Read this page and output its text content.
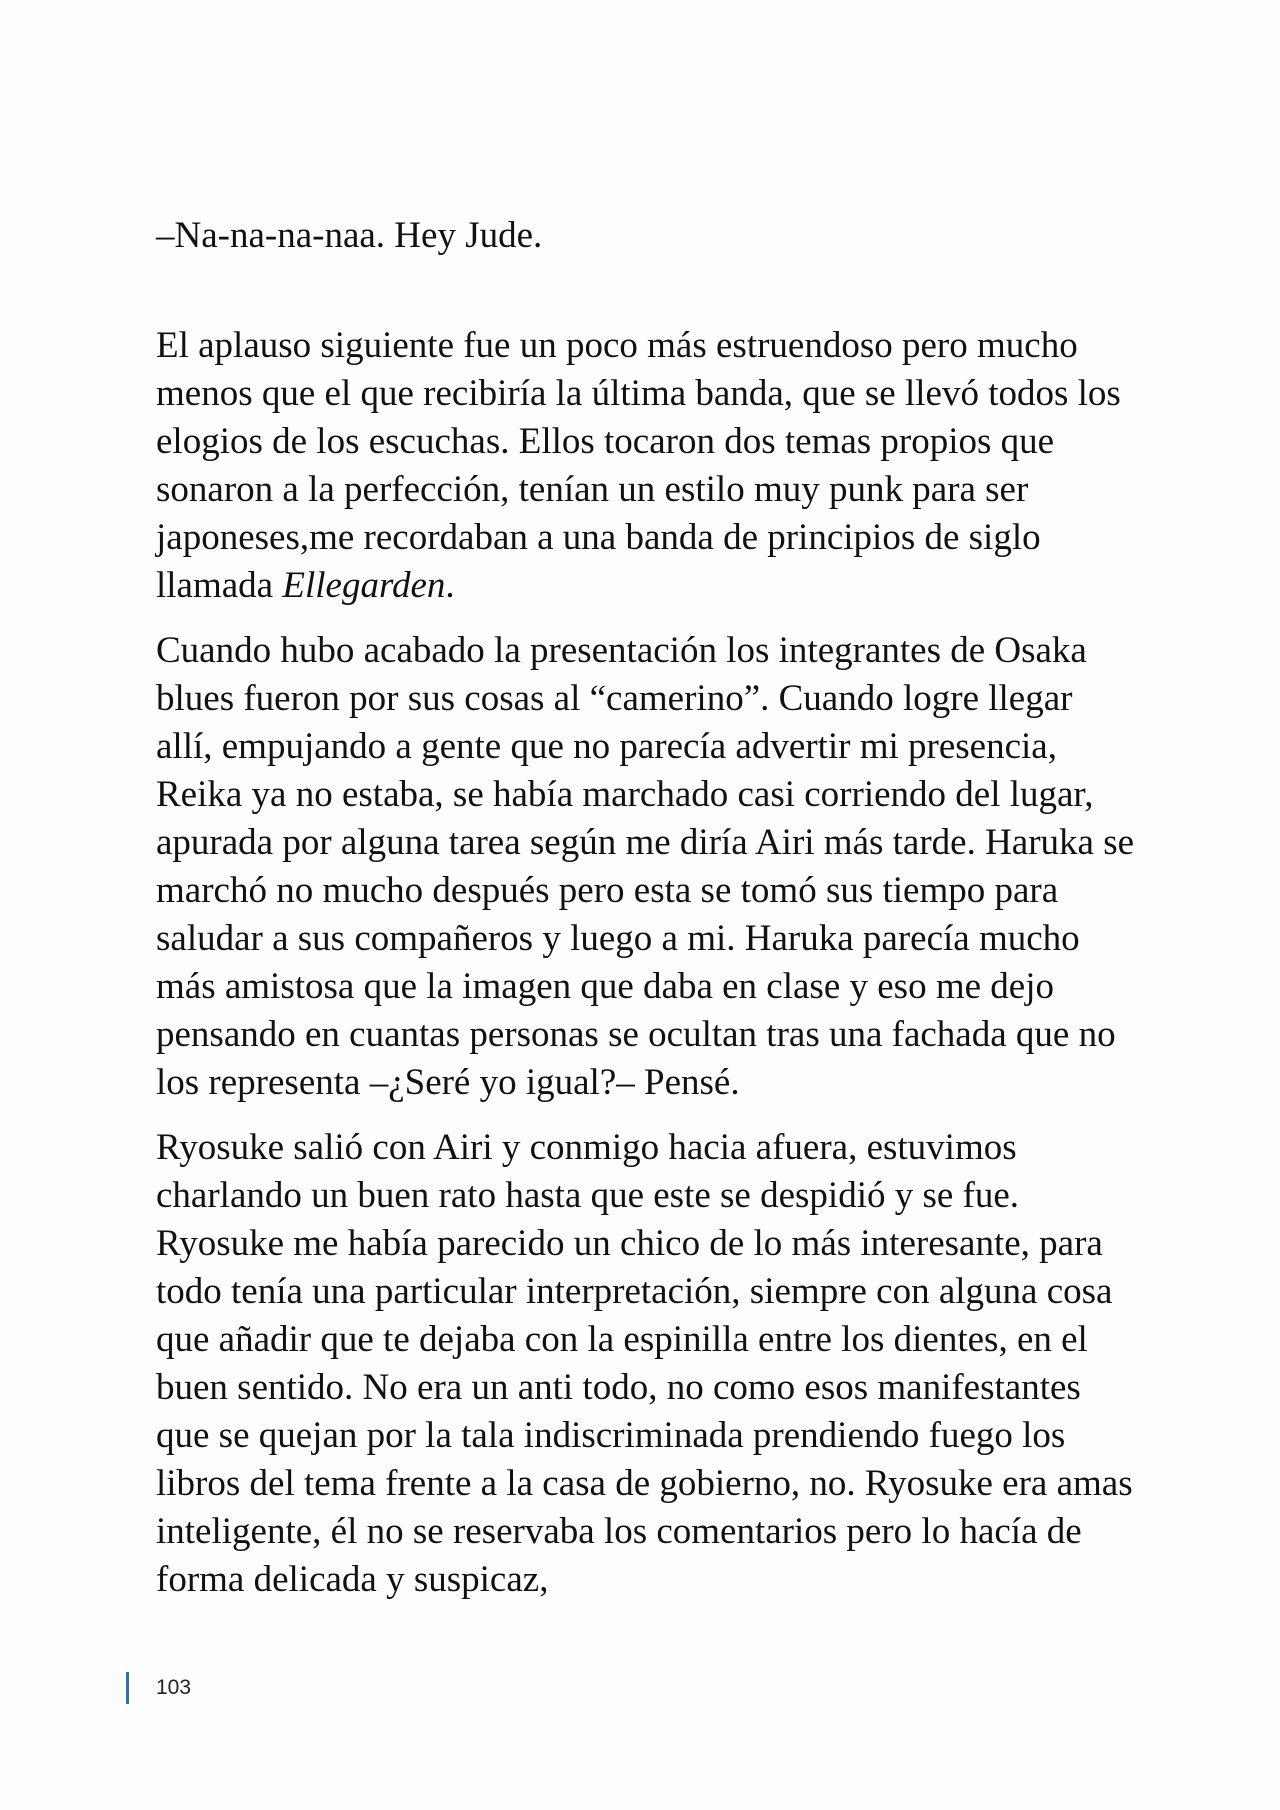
–Na-na-na-naa. Hey Jude.

El aplauso siguiente fue un poco más estruendoso pero mucho menos que el que recibiría la última banda, que se llevó todos los elogios de los escuchas. Ellos tocaron dos temas propios que sonaron a la perfección, tenían un estilo muy punk para ser japoneses,me recordaban a una banda de principios de siglo llamada Ellegarden.

Cuando hubo acabado la presentación los integrantes de Osaka blues fueron por sus cosas al “camerino”. Cuando logre llegar allí, empujando a gente que no parecía advertir mi presencia, Reika ya no estaba, se había marchado casi corriendo del lugar, apurada por alguna tarea según me diría Airi más tarde. Haruka se marchó no mucho después pero esta se tomó sus tiempo para saludar a sus compañeros y luego a mi. Haruka parecía mucho más amistosa que la imagen que daba en clase y eso me dejo pensando en cuantas personas se ocultan tras una fachada que no los representa –¿Seré yo igual?– Pensé.

Ryosuke salió con Airi y conmigo hacia afuera, estuvimos charlando un buen rato hasta que este se despidió y se fue. Ryosuke me había parecido un chico de lo más interesante, para todo tenía una particular interpretación, siempre con alguna cosa que añadir que te dejaba con la espinilla entre los dientes, en el buen sentido. No era un anti todo, no como esos manifestantes que se quejan por la tala indiscriminada prendiendo fuego los libros del tema frente a la casa de gobierno, no. Ryosuke era amas inteligente, él no se reservaba los comentarios pero lo hacía de forma delicada y suspicaz,

103
